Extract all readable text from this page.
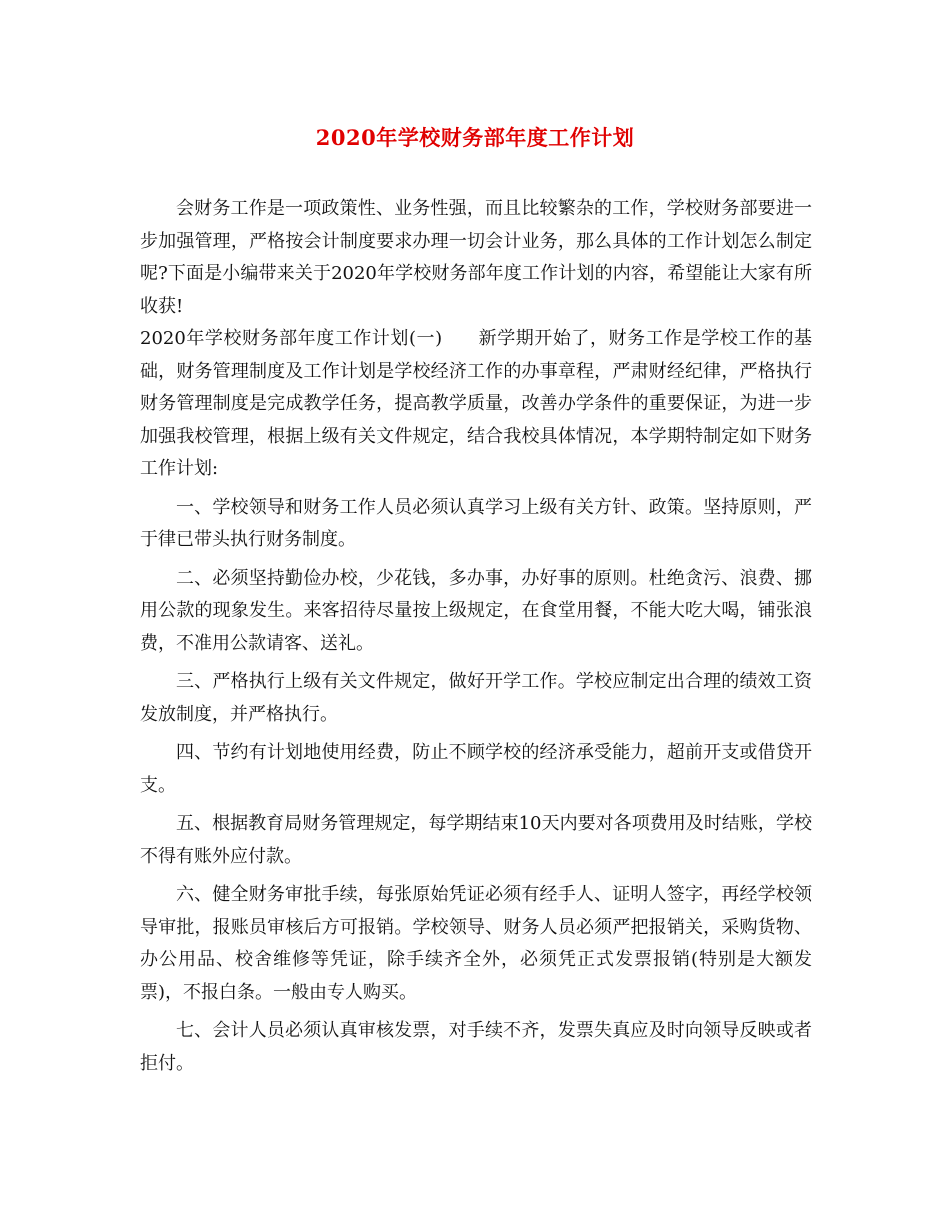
2020年学校财务部年度工作计划

会财务工作是一项政策性、业务性强，而且比较繁杂的工作，学校财务部要进一步加强管理，严格按会计制度要求办理一切会计业务，那么具体的工作计划怎么制定呢?下面是小编带来关于2020年学校财务部年度工作计划的内容，希望能让大家有所收获!

2020年学校财务部年度工作计划(一)   新学期开始了，财务工作是学校工作的基础，财务管理制度及工作计划是学校经济工作的办事章程，严肃财经纪律，严格执行财务管理制度是完成教学任务，提高教学质量，改善办学条件的重要保证，为进一步加强我校管理，根据上级有关文件规定，结合我校具体情况，本学期特制定如下财务工作计划:

一、学校领导和财务工作人员必须认真学习上级有关方针、政策。坚持原则，严于律已带头执行财务制度。

二、必须坚持勤俭办校，少花钱，多办事，办好事的原则。杜绝贪污、浪费、挪用公款的现象发生。来客招待尽量按上级规定，在食堂用餐，不能大吃大喝，铺张浪费，不准用公款请客、送礼。

三、严格执行上级有关文件规定，做好开学工作。学校应制定出合理的绩效工资发放制度，并严格执行。

四、节约有计划地使用经费，防止不顾学校的经济承受能力，超前开支或借贷开支。

五、根据教育局财务管理规定，每学期结束10天内要对各项费用及时结账，学校不得有账外应付款。

六、健全财务审批手续，每张原始凭证必须有经手人、证明人签字，再经学校领导审批，报账员审核后方可报销。学校领导、财务人员必须严把报销关，采购货物、办公用品、校舍维修等凭证，除手续齐全外，必须凭正式发票报销(特别是大额发票)，不报白条。一般由专人购买。

七、会计人员必须认真审核发票，对手续不齐，发票失真应及时向领导反映或者拒付。
